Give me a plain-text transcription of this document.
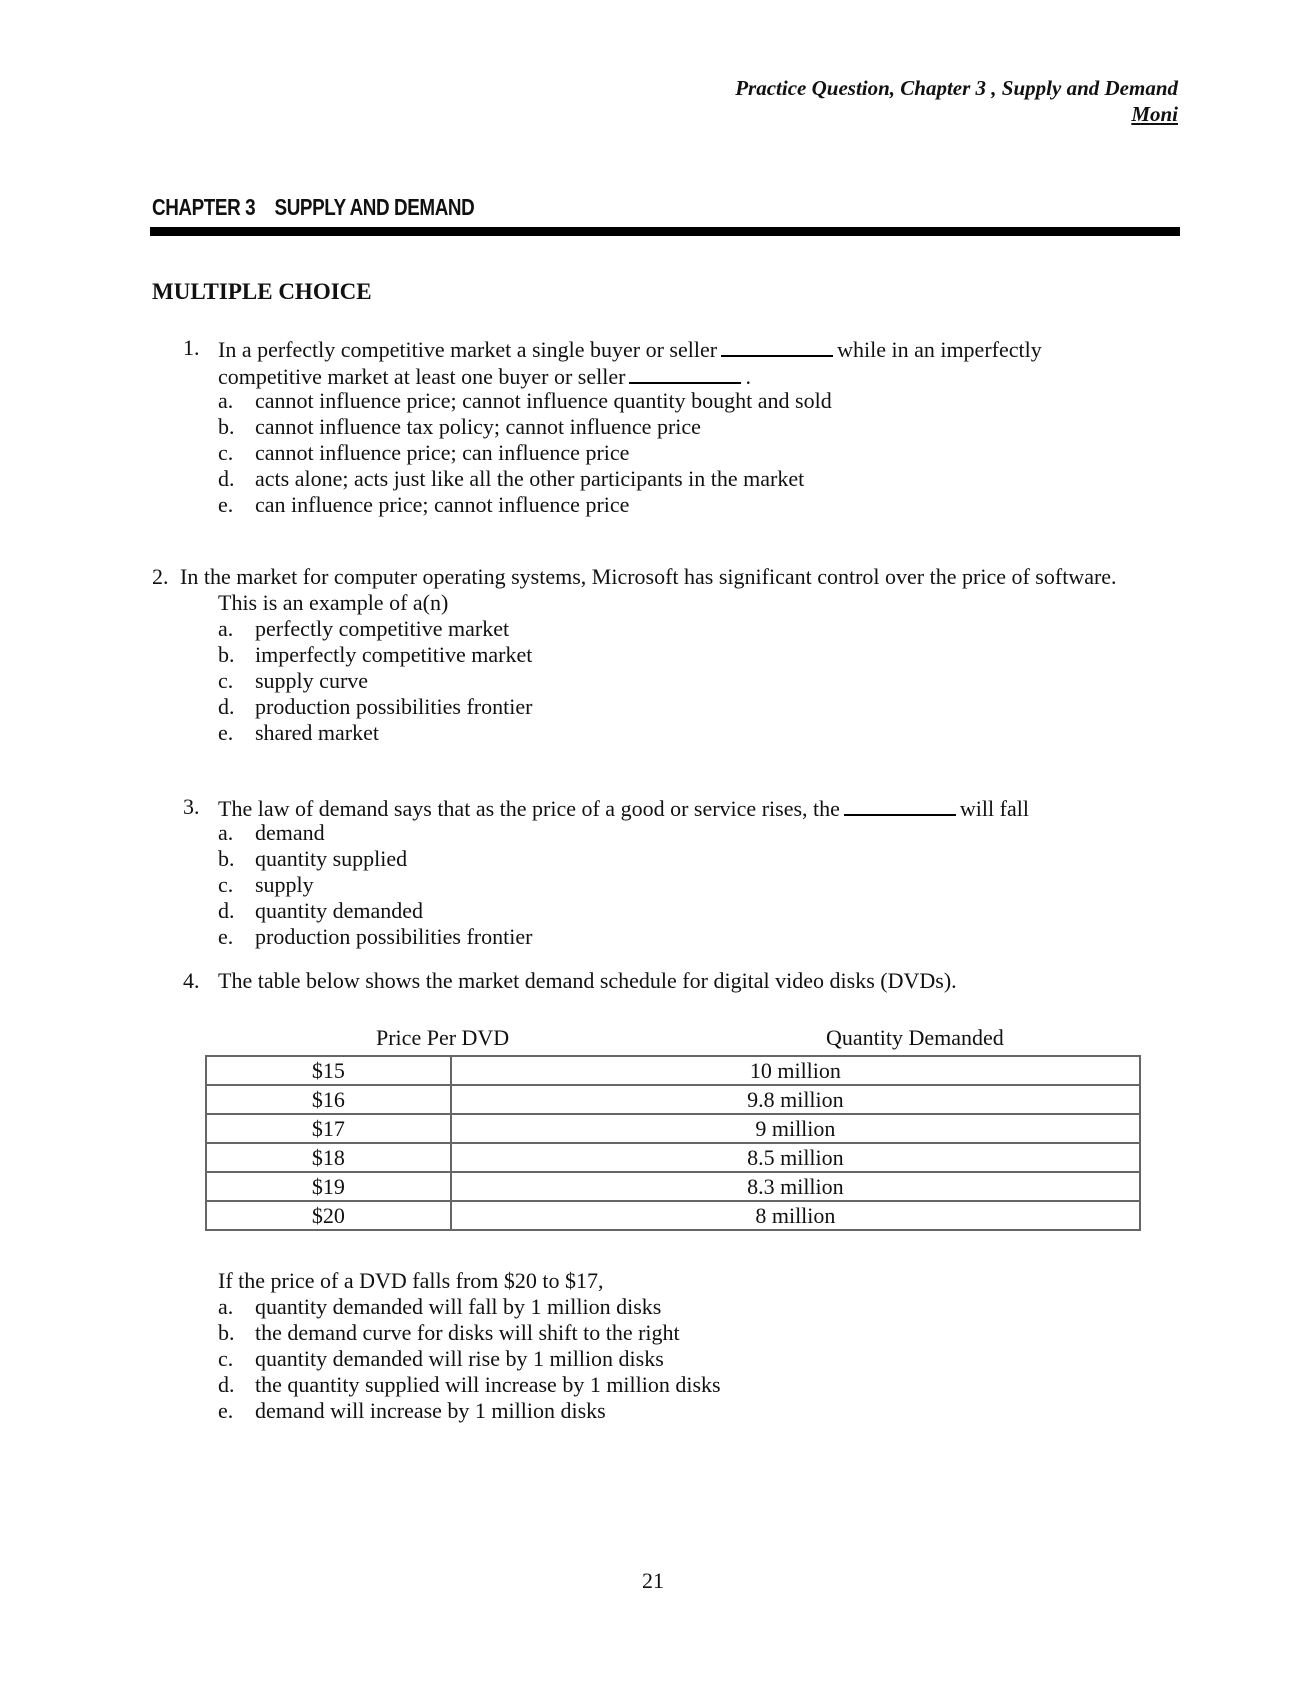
Practice Question, Chapter 3 , Supply and Demand
Moni
CHAPTER 3    SUPPLY AND DEMAND
MULTIPLE CHOICE
1. In a perfectly competitive market a single buyer or seller	while in an imperfectly
competitive market at least one buyer or seller	.
a. cannot influence price; cannot influence quantity bought and sold
b. cannot influence tax policy; cannot influence price
c. cannot influence price; can influence price
d. acts alone; acts just like all the other participants in the market
e. can influence price; cannot influence price
2. In the market for computer operating systems, Microsoft has significant control over the price of software.
This is an example of a(n)
a. perfectly competitive market
b. imperfectly competitive market
c. supply curve
d. production possibilities frontier
e. shared market
3. The law of demand says that as the price of a good or service rises, the	will fall
a. demand
b. quantity supplied
c. supply
d. quantity demanded
e. production possibilities frontier
4. The table below shows the market demand schedule for digital video disks (DVDs).
Price Per DVD	Quantity Demanded
$15	10 million
$16	9.8 million
$17	9 million
$18	8.5 million
$19	8.3 million
$20	8 million
If the price of a DVD falls from $20 to $17,
a. quantity demanded will fall by 1 million disks
b. the demand curve for disks will shift to the right
c. quantity demanded will rise by 1 million disks
d. the quantity supplied will increase by 1 million disks
e. demand will increase by 1 million disks
21
